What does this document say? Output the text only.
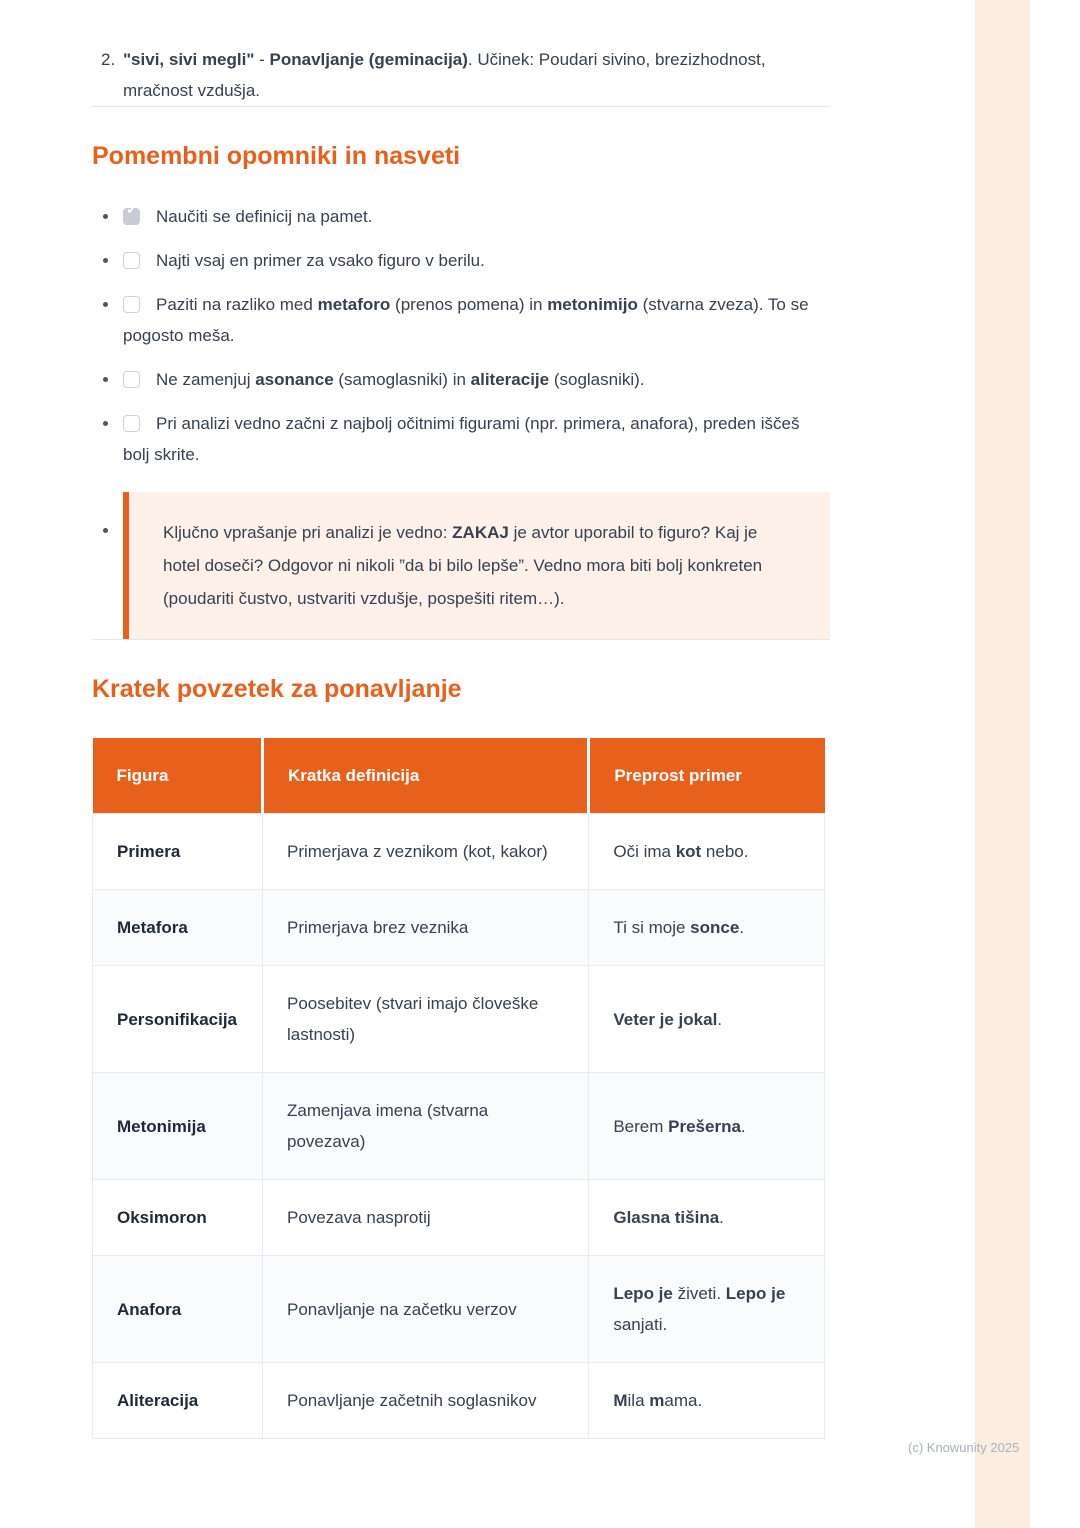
2. "sivi, sivi megli" - Ponavljanje (geminacija). Učinek: Poudari sivino, brezizhodnost, mračnost vzdušja.
Pomembni opomniki in nasveti
✓Naučiti se definicij na pamet.
Najti vsaj en primer za vsako figuro v berilu.
Paziti na razliko med metaforo (prenos pomena) in metonimijo (stvarna zveza). To se pogosto meša.
Ne zamenjuj asonance (samoglasniki) in aliteracije (soglasniki).
Pri analizi vedno začni z najbolj očitnimi figurami (npr. primera, anafora), preden iščeš bolj skrite.
Ključno vprašanje pri analizi je vedno: ZAKAJ je avtor uporabil to figuro? Kaj je hotel doseči? Odgovor ni nikoli ”da bi bilo lepše”. Vedno mora biti bolj konkreten (poudariti čustvo, ustvariti vzdušje, pospešiti ritem…).
Kratek povzetek za ponavljanje
Figura	Kratka definicija	Preprost primer
Primera	Primerjava z veznikom (kot, kakor)	Oči ima kot nebo.
Metafora	Primerjava brez veznika	Ti si moje sonce.
Personifikacija	Poosebitev (stvari imajo človeške lastnosti)	Veter je jokal.
Metonimija	Zamenjava imena (stvarna povezava)	Berem Prešerna.
Oksimoron	Povezava nasprotij	Glasna tišina.
Anafora	Ponavljanje na začetku verzov	Lepo je živeti. Lepo je sanjati.
Aliteracija	Ponavljanje začetnih soglasnikov	Mila mama.
(c) Knowunity 2025
